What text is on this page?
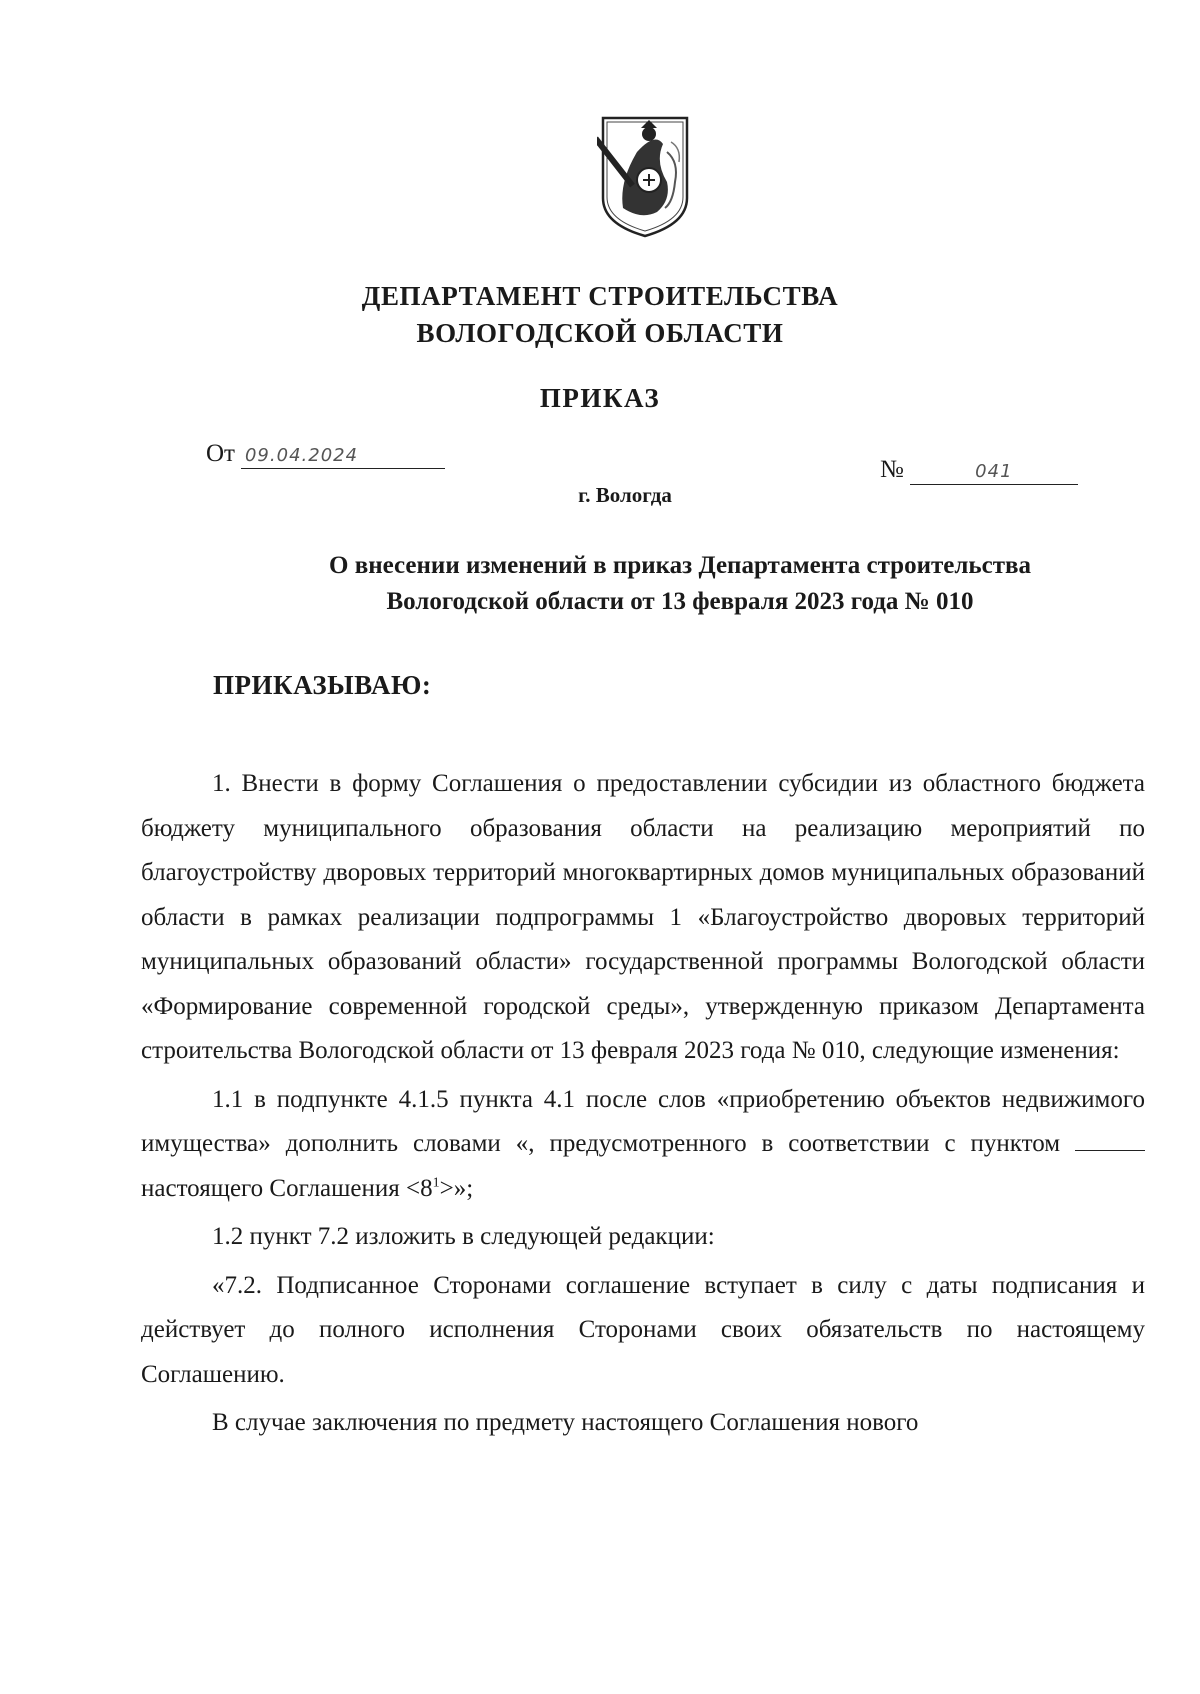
ДЕПАРТАМЕНТ СТРОИТЕЛЬСТВА
ВОЛОГОДСКОЙ ОБЛАСТИ
ПРИКАЗ
От 09.04.2024
№	041
г. Вологда
О внесении изменений в приказ Департамента строительства
Вологодской области от 13 февраля 2023 года № 010
ПРИКАЗЫВАЮ:

1. Внести в форму Соглашения о предоставлении субсидии из областного бюджета бюджету муниципального образования области на реализацию мероприятий по благоустройству дворовых территорий многоквартирных домов муниципальных образований области в рамках реализации подпрограммы 1 «Благоустройство дворовых территорий муниципальных образований области» государственной программы Вологодской области «Формирование современной городской среды», утвержденную приказом Департамента строительства Вологодской области от 13 февраля 2023 года № 010, следующие изменения:

1.1 в подпункте 4.1.5 пункта 4.1 после слов «приобретению объектов недвижимого имущества» дополнить словами «, предусмотренного в соответствии с пунктом  настоящего Соглашения $<8^1>$»;

1.2 пункт 7.2 изложить в следующей редакции:

«7.2. Подписанное Сторонами соглашение вступает в силу с даты подписания и действует до полного исполнения Сторонами своих обязательств по настоящему Соглашению.

В случае заключения по предмету настоящего Соглашения нового
